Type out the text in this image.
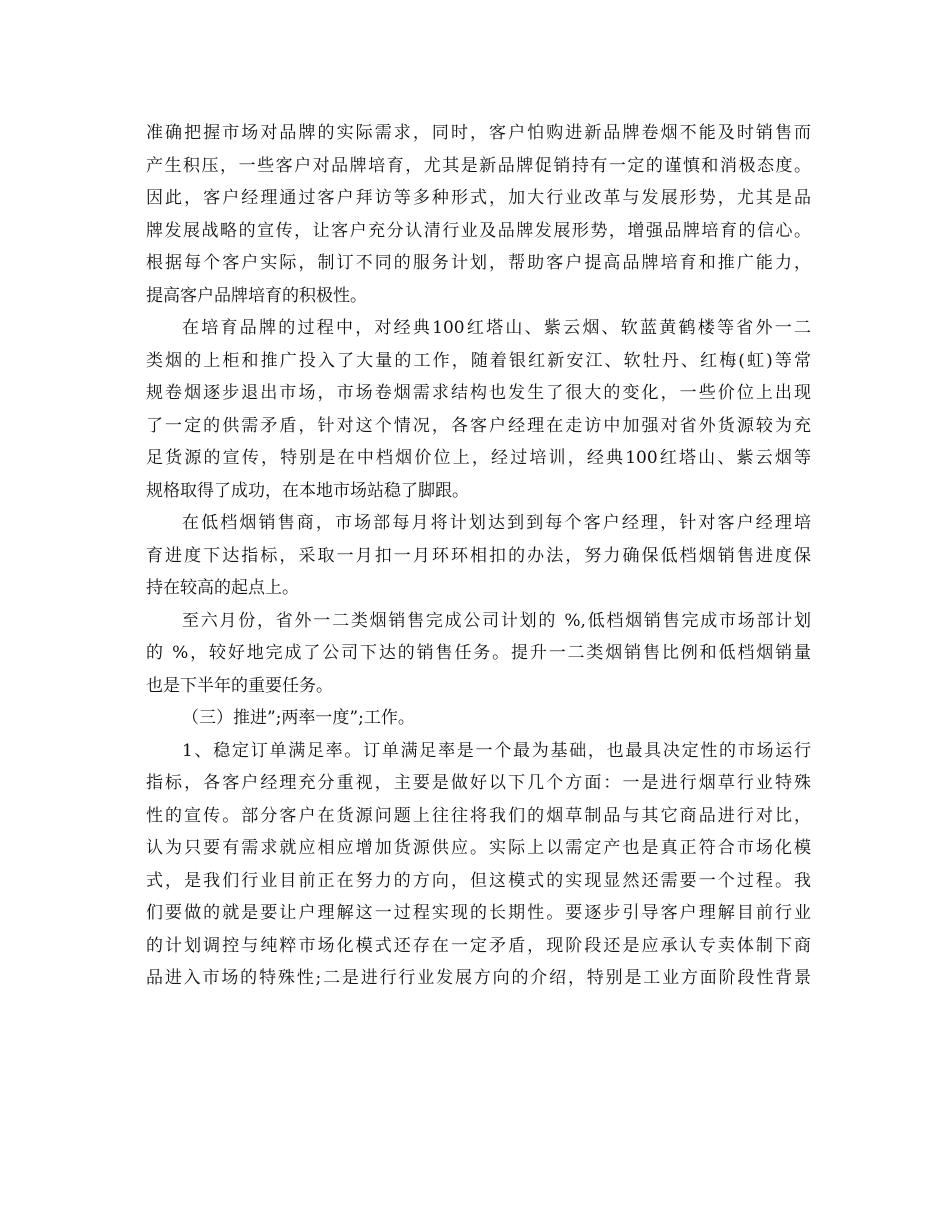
准确把握市场对品牌的实际需求，同时，客户怕购进新品牌卷烟不能及时销售而
产生积压，一些客户对品牌培育，尤其是新品牌促销持有一定的谨慎和消极态度。
因此，客户经理通过客户拜访等多种形式，加大行业改革与发展形势，尤其是品
牌发展战略的宣传，让客户充分认清行业及品牌发展形势，增强品牌培育的信心。
根据每个客户实际，制订不同的服务计划，帮助客户提高品牌培育和推广能力，
提高客户品牌培育的积极性。
在培育品牌的过程中，对经典100红塔山、紫云烟、软蓝黄鹤楼等省外一二
类烟的上柜和推广投入了大量的工作，随着银红新安江、软牡丹、红梅(虹)等常
规卷烟逐步退出市场，市场卷烟需求结构也发生了很大的变化，一些价位上出现
了一定的供需矛盾，针对这个情况，各客户经理在走访中加强对省外货源较为充
足货源的宣传，特别是在中档烟价位上，经过培训，经典100红塔山、紫云烟等
规格取得了成功，在本地市场站稳了脚跟。
在低档烟销售商，市场部每月将计划达到到每个客户经理，针对客户经理培
育进度下达指标，采取一月扣一月环环相扣的办法，努力确保低档烟销售进度保
持在较高的起点上。
至六月份，省外一二类烟销售完成公司计划的 %,低档烟销售完成市场部计划
的 %，较好地完成了公司下达的销售任务。提升一二类烟销售比例和低档烟销量
也是下半年的重要任务。
（三）推进”;两率一度”;工作。
1、稳定订单满足率。订单满足率是一个最为基础，也最具决定性的市场运行
指标，各客户经理充分重视，主要是做好以下几个方面：一是进行烟草行业特殊
性的宣传。部分客户在货源问题上往往将我们的烟草制品与其它商品进行对比，
认为只要有需求就应相应增加货源供应。实际上以需定产也是真正符合市场化模
式，是我们行业目前正在努力的方向，但这模式的实现显然还需要一个过程。我
们要做的就是要让户理解这一过程实现的长期性。要逐步引导客户理解目前行业
的计划调控与纯粹市场化模式还存在一定矛盾，现阶段还是应承认专卖体制下商
品进入市场的特殊性;二是进行行业发展方向的介绍，特别是工业方面阶段性背景
